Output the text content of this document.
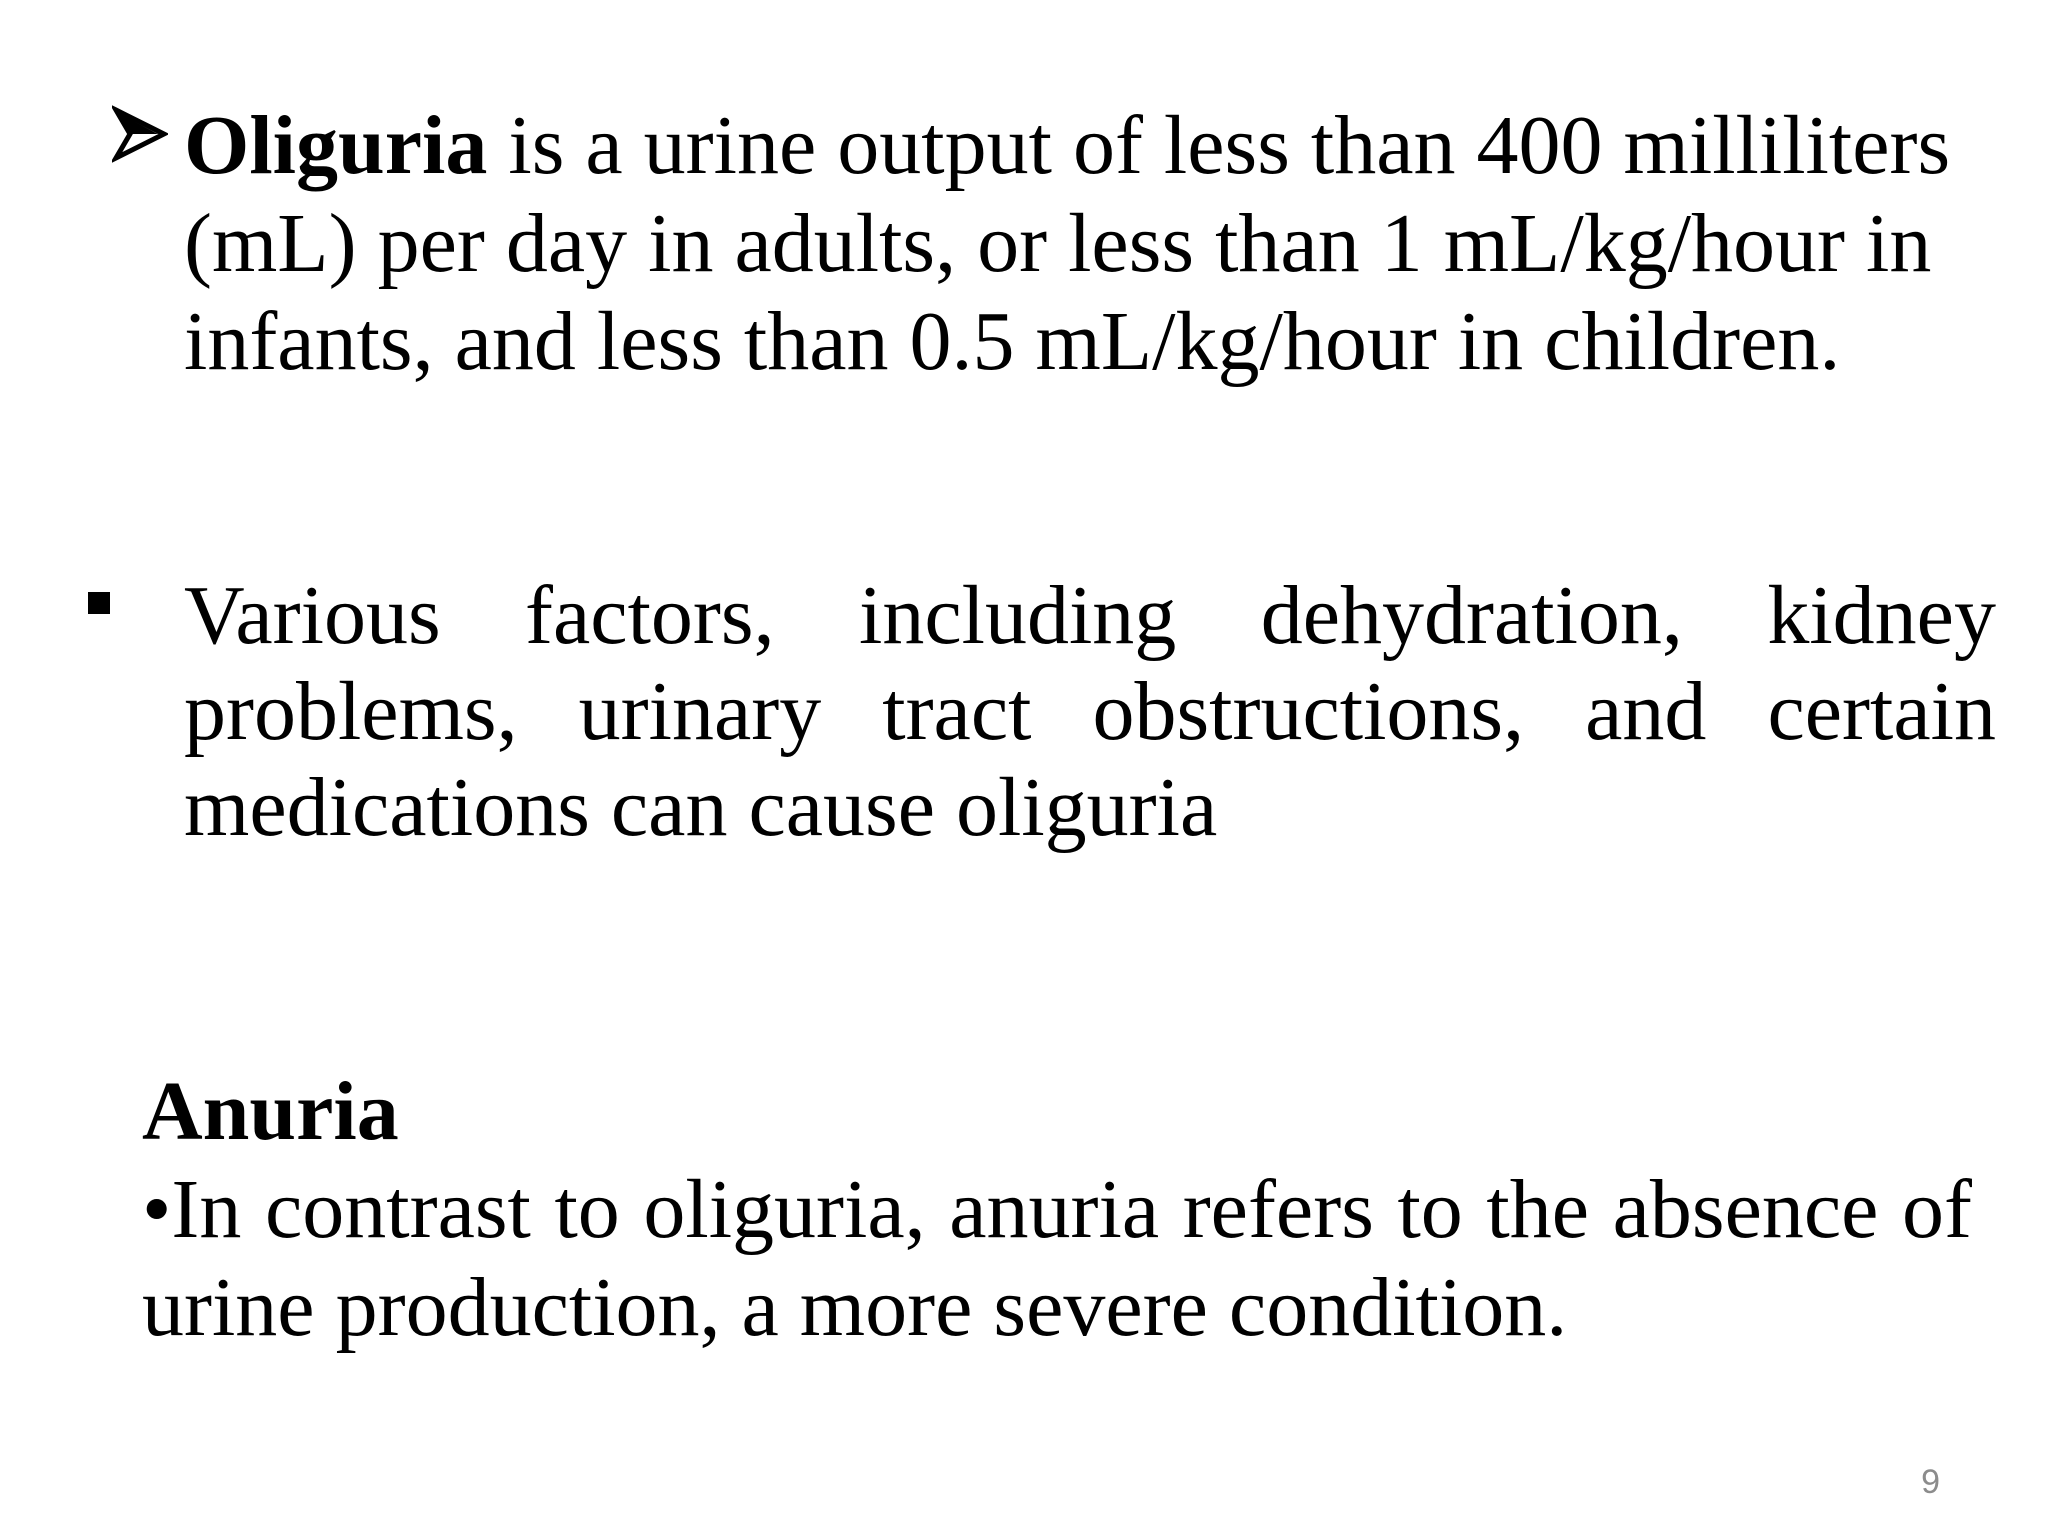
Oliguria is a urine output of less than 400 milliliters
(mL) per day in adults, or less than 1 mL/kg/hour in
infants, and less than 0.5 mL/kg/hour in children.
Various factors, including dehydration, kidney
problems, urinary tract obstructions, and certain
medications can cause oliguria
Anuria
•In contrast to oliguria, anuria refers to the absence of
urine production, a more severe condition.
9
